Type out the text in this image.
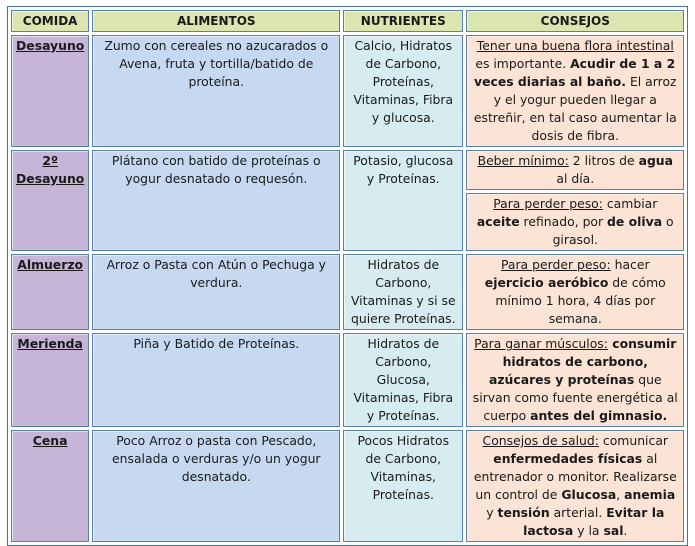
COMIDA	ALIMENTOS	NUTRIENTES	CONSEJOS
Desayuno	Zumo con cereales no azucarados o Avena, fruta y tortilla/batido de proteína.	Calcio, Hidratos de Carbono, Proteínas, Vitaminas, Fibra y glucosa.	Tener una buena flora intestinal es importante. Acudir de 1 a 2 veces diarias al baño. El arroz y el yogur pueden llegar a estreñir, en tal caso aumentar la dosis de fibra.
2º Desayuno	Plátano con batido de proteínas o yogur desnatado o requesón.	Potasio, glucosa y Proteínas.	Beber mínimo: 2 litros de agua al día.
			Para perder peso: cambiar aceite refinado, por de oliva o girasol.
Almuerzo	Arroz o Pasta con Atún o Pechuga y verdura.	Hidratos de Carbono, Vitaminas y si se quiere Proteínas.	Para perder peso: hacer ejercicio aeróbico de cómo mínimo 1 hora, 4 días por semana.
Merienda	Piña y Batido de Proteínas.	Hidratos de Carbono, Glucosa, Vitaminas, Fibra y Proteínas.	Para ganar músculos: consumir hidratos de carbono, azúcares y proteínas que sirvan como fuente energética al cuerpo antes del gimnasio.
Cena	Poco Arroz o pasta con Pescado, ensalada o verduras y/o un yogur desnatado.	Pocos Hidratos de Carbono, Vitaminas, Proteínas.	Consejos de salud: comunicar enfermedades físicas al entrenador o monitor. Realizarse un control de Glucosa, anemia y tensión arterial. Evitar la lactosa y la sal.
